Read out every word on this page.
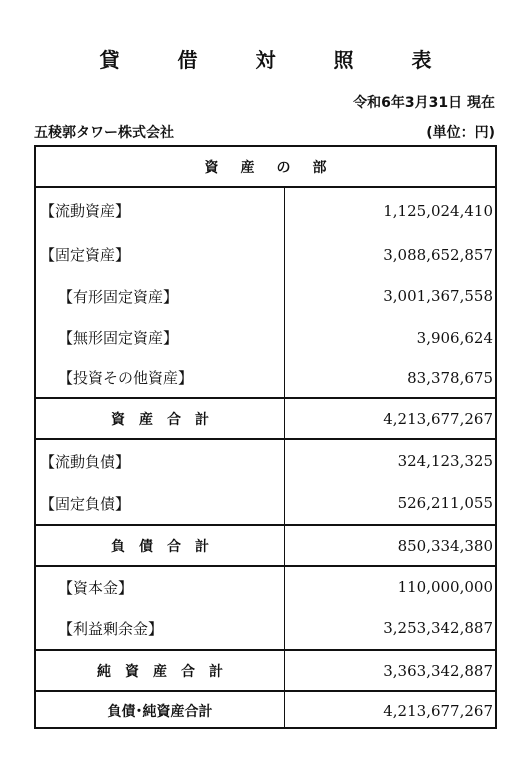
貸　借　対　照　表
令和6年3月31日 現在
五稜郭タワー株式会社	(単位：円)
資産の部
【流動資産】	1,125,024,410
【固定資産】	3,088,652,857
【有形固定資産】	3,001,367,558
【無形固定資産】	3,906,624
【投資その他資産】	83,378,675
資　産　合　計	4,213,677,267
【流動負債】	324,123,325
【固定負債】	526,211,055
負　債　合　計	850,334,380
【資本金】	110,000,000
【利益剰余金】	3,253,342,887
純　資　産　合　計	3,363,342,887
負債･純資産合計	4,213,677,267
